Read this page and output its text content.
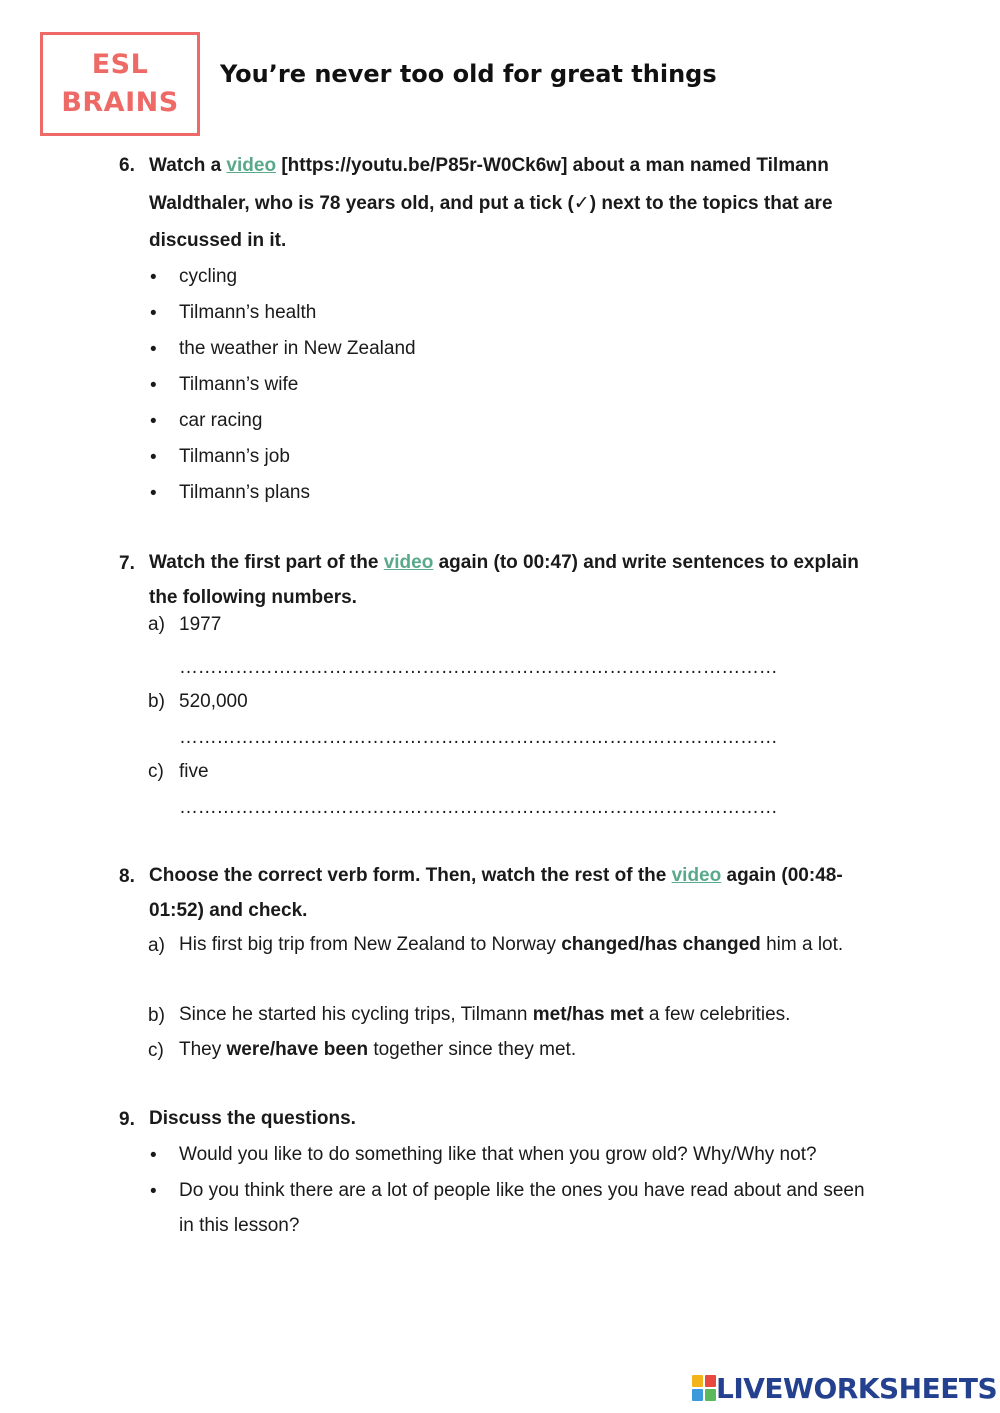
ESL
BRAINS
You’re never too old for great things
6. Watch a video [https://youtu.be/P85r-W0Ck6w] about a man named Tilmann Waldthaler, who is 78 years old, and put a tick (✓) next to the topics that are discussed in it.
• cycling
• Tilmann’s health
• the weather in New Zealand
• Tilmann’s wife
• car racing
• Tilmann’s job
• Tilmann’s plans
7. Watch the first part of the video again (to 00:47) and write sentences to explain the following numbers.
a) 1977
……………………………………………………………………………………
b) 520,000
……………………………………………………………………………………
c) five
……………………………………………………………………………………
8. Choose the correct verb form. Then, watch the rest of the video again (00:48-01:52) and check.
a) His first big trip from New Zealand to Norway changed/has changed him a lot.
b) Since he started his cycling trips, Tilmann met/has met a few celebrities.
c) They were/have been together since they met.
9. Discuss the questions.
• Would you like to do something like that when you grow old? Why/Why not?
• Do you think there are a lot of people like the ones you have read about and seen in this lesson?
LIVEWORKSHEETS
